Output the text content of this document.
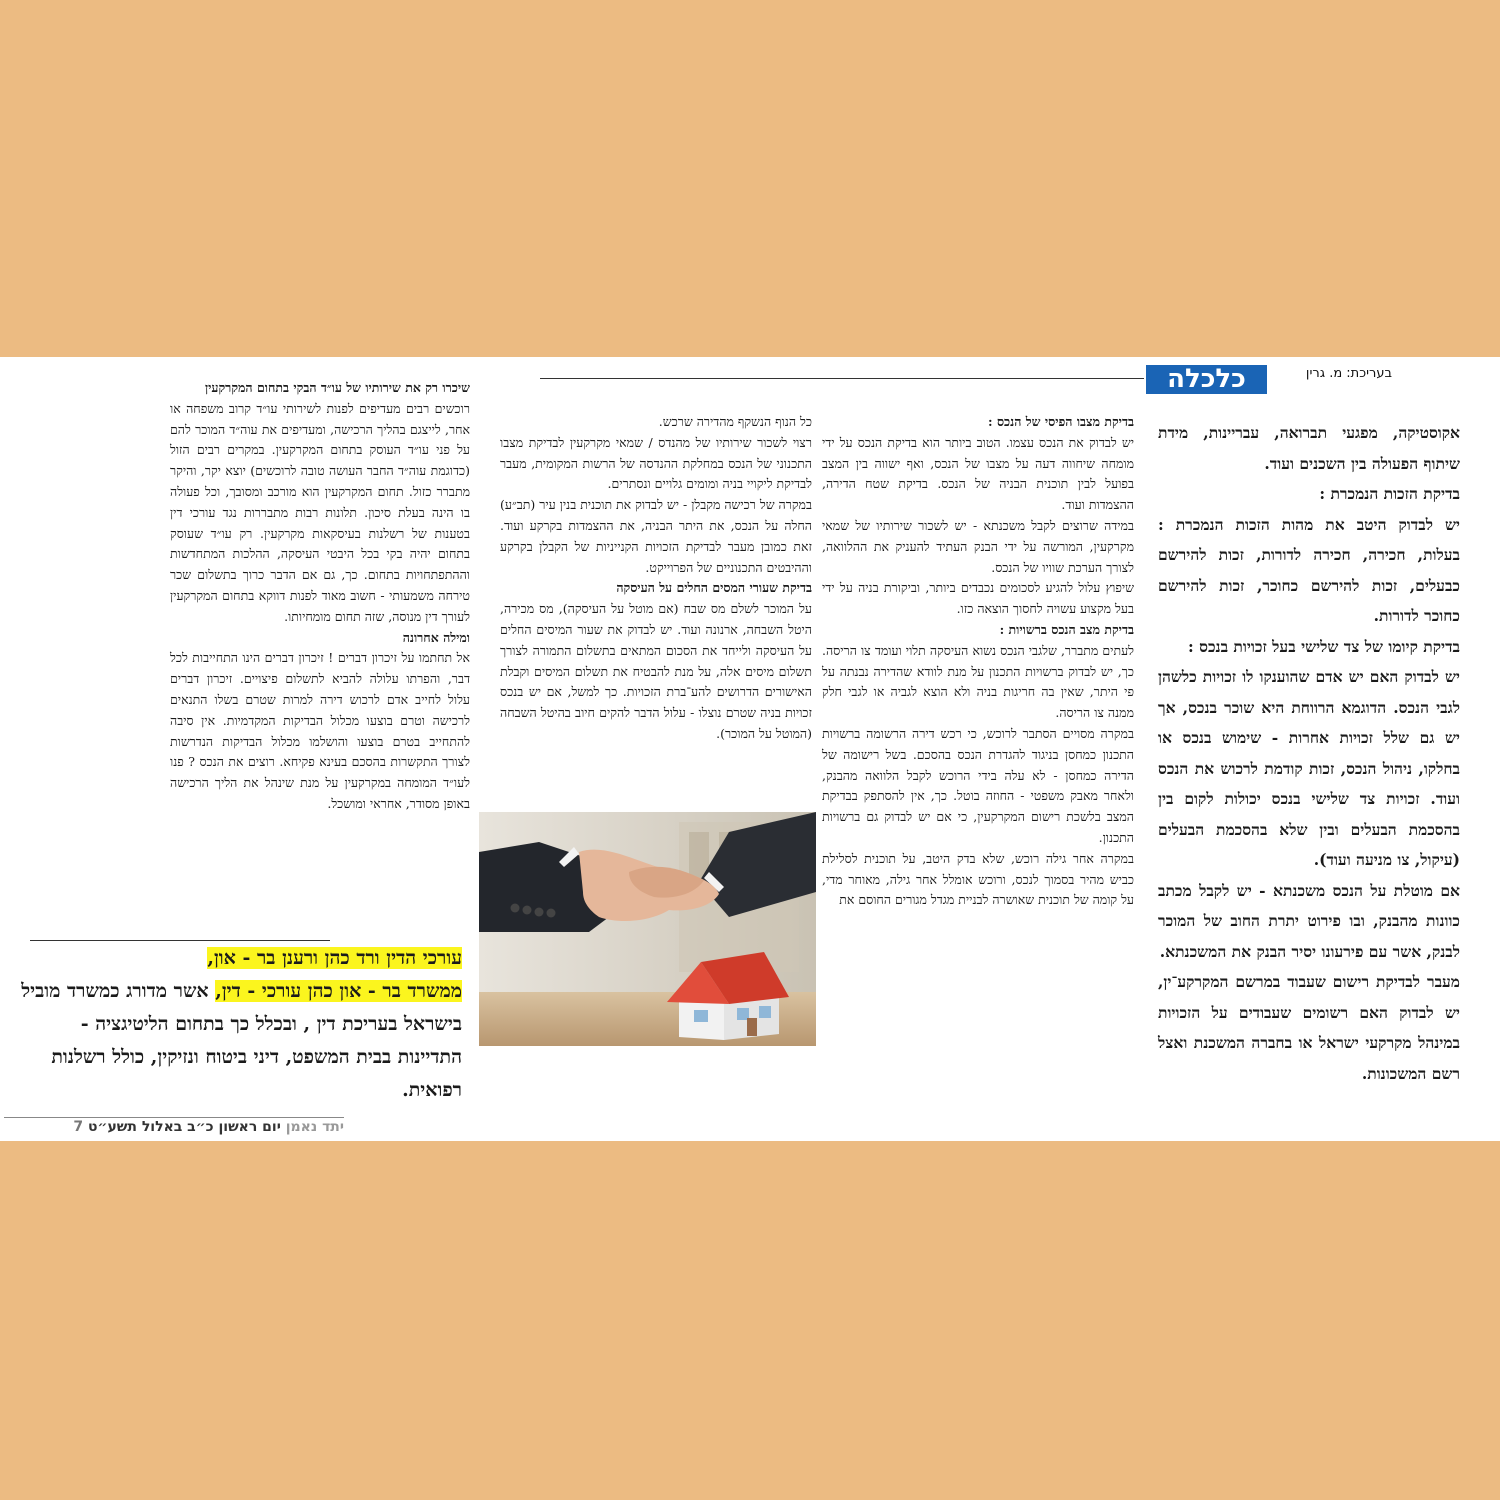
כלכלה	בעריכת: מ. גרין

אקוסטיקה, מפגעי תברואה, עבריינות, מידת שיתוף הפעולה בין השכנים ועוד.

בדיקת הזכות הנמכרת :

יש לבדוק היטב את מהות הזכות הנמכרת : בעלות, חכירה, חכירה לדורות, זכות להירשם כבעלים, זכות להירשם כחוכר, זכות להירשם כחוכר לדורות.

בדיקת קיומו של צד שלישי בעל זכויות בנכס :

יש לבדוק האם יש אדם שהוענקו לו זכויות כלשהן לגבי הנכס. הדוגמא הרווחת היא שוכר בנכס, אך יש גם שלל זכויות אחרות - שימוש בנכס או בחלקו, ניהול הנכס, זכות קודמת לרכוש את הנכס ועוד. זכויות צד שלישי בנכס יכולות לקום בין בהסכמת הבעלים ובין שלא בהסכמת הבעלים (עיקול, צו מניעה ועוד).

אם מוטלת על הנכס משכנתא - יש לקבל מכתב כוונות מהבנק, ובו פירוט יתרת החוב של המוכר לבנק, אשר עם פירעונו יסיר הבנק את המשכנתא.

מעבר לבדיקת רישום שעבוד במרשם המקרקע־ין, יש לבדוק האם רשומים שעבודים על הזכויות במינהל מקרקעי ישראל או בחברה המשכנת ואצל רשם המשכונות.

בדיקת מצבו הפיסי של הנכס :

יש לבדוק את הנכס עצמו. הטוב ביותר הוא בדיקת הנכס על ידי מומחה שיחווה דעה על מצבו של הנכס, ואף ישווה בין המצב בפועל לבין תוכנית הבניה של הנכס. בדיקת שטח הדירה, ההצמדות ועוד.

במידה שרוצים לקבל משכנתא - יש לשכור שירותיו של שמאי מקרקעין, המורשה על ידי הבנק העתיד להעניק את ההלוואה, לצורך הערכת שוויו של הנכס.

שיפוץ עלול להגיע לסכומים נכבדים ביותר, וביקורת בניה על ידי בעל מקצוע עשויה לחסוך הוצאה כזו.

בדיקת מצב הנכס ברשויות :

לעתים מתברר, שלגבי הנכס נשוא העיסקה תלוי ועומד צו הריסה. כך, יש לבדוק ברשויות התכנון על מנת לוודא שהדירה נבנתה על פי היתר, שאין בה חריגות בניה ולא הוצא לגביה או לגבי חלק ממנה צו הריסה.

במקרה מסויים הסתבר לרוכש, כי רכש דירה הרשומה ברשויות התכנון כמחסן בניגוד להגדרת הנכס בהסכם. בשל רישומה של הדירה כמחסן - לא עלה בידי הרוכש לקבל הלוואה מהבנק, ולאחר מאבק משפטי - החוזה בוטל. כך, אין להסתפק בבדיקת המצב בלשכת רישום המקרקעין, כי אם יש לבדוק גם ברשויות התכנון.

במקרה אחר גילה רוכש, שלא בדק היטב, על תוכנית לסלילת כביש מהיר בסמוך לנכס, ורוכש אומלל אחר גילה, מאוחר מדי, על קומה של תוכנית שאושרה לבניית מגדל מגורים החוסם את

כל הנוף הנשקף מהדירה שרכש.

רצוי לשכור שירותיו של מהנדס / שמאי מקרקעין לבדיקת מצבו התכנוני של הנכס במחלקת ההנדסה של הרשות המקומית, מעבר לבדיקת ליקויי בניה ומומים גלויים ונסתרים.

במקרה של רכישה מקבלן - יש לבדוק את תוכנית בנין עיר (תב״ע) החלה על הנכס, את היתר הבניה, את ההצמדות בקרקע ועוד. זאת כמובן מעבר לבדיקת הזכויות הקנייניות של הקבלן בקרקע וההיבטים התכנוניים של הפרוייקט.

בדיקת שעורי המסים החלים על העיסקה

על המוכר לשלם מס שבח (אם מוטל על העיסקה), מס מכירה, היטל השבחה, ארנונה ועוד. יש לבדוק את שעור המיסים החלים על העיסקה ולייחד את הסכום המתאים בתשלום התמורה לצורך תשלום מיסים אלה, על מנת להבטיח את תשלום המיסים וקבלת האישורים הדרושים להע־ברת הזכויות. כך למשל, אם יש בנכס זכויות בניה שטרם נוצלו - עלול הדבר להקים חיוב בהיטל השבחה (המוטל על המוכר).

שיכרו רק את שירותיו של עו״ד הבקי בתחום המקרקעין

רוכשים רבים מעדיפים לפנות לשירותי עו״ד קרוב משפחה או אחר, לייצגם בהליך הרכישה, ומעדיפים את עוה״ד המוכר להם על פני עו״ד העוסק בתחום המקרקעין. במקרים רבים הזול (כדוגמת עוה״ד החבר העושה טובה לרוכשים) יוצא יקר, והיקר מתברר כזול. תחום המקרקעין הוא מורכב ומסובך, וכל פעולה בו הינה בעלת סיכון. תלונות רבות מתבררות נגד עורכי דין בטענות של רשלנות בעיסקאות מקרקעין. רק עו״ד שעוסק בתחום יהיה בקי בכל היבטי העיסקה, ההלכות המתחדשות וההתפתחויות בתחום. כך, גם אם הדבר כרוך בתשלום שכר טירחה משמעותי - חשוב מאוד לפנות דווקא בתחום המקרקעין לעורך דין מנוסה, שזה תחום מומחיותו.

ומילה אחרונה

אל תחתמו על זיכרון דברים ! זיכרון דברים הינו התחייבות לכל דבר, והפרתו עלולה להביא לתשלום פיצויים. זיכרון דברים עלול לחייב אדם לרכוש דירה למרות שטרם בשלו התנאים לרכישה וטרם בוצעו מכלול הבדיקות המקדמיות. אין סיבה להתחייב בטרם בוצעו והושלמו מכלול הבדיקות הנדרשות לצורך התקשרות בהסכם בעינא פקיחא. רוצים את הנכס ? פנו לעו״ד המומחה במקרקעין על מנת שינהל את הליך הרכישה באופן מסודר, אחראי ומושכל.

עורכי הדין ורד כהן ורענן בר - און,
ממשרד בר - און כהן עורכי - דין, אשר מדורג כמשרד מוביל בישראל בעריכת דין , ובכלל כך בתחום הליטיגציה - התדיינות בבית המשפט, דיני ביטוח ונזיקין, כולל רשלנות רפואית.
יתד נאמן יום ראשון כ״ב באלול תשע״ט 7
